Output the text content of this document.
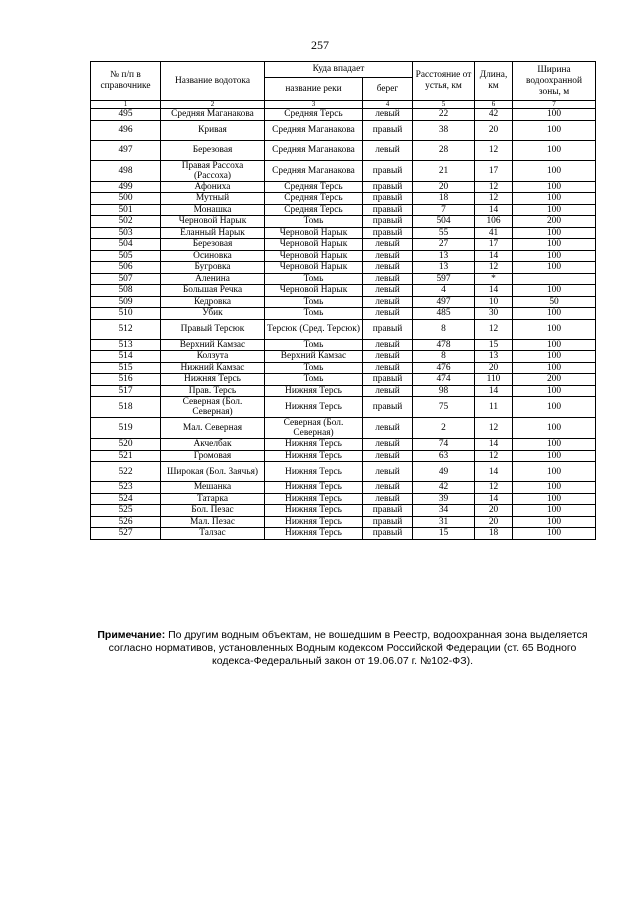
257
№ п/п в справочнике	Название водотока	Куда впадает		Расстояние от устья, км	Длина, км	Ширина водоохранной зоны, м
		название реки	берег			
1	2	3	4	5	6	7
495	Средняя Маганакова	Средняя Терсь	левый	22	42	100
496	Кривая	Средняя Маганакова	правый	38	20	100
497	Березовая	Средняя Маганакова	левый	28	12	100
498	Правая Рассоха (Рассоха)	Средняя Маганакова	правый	21	17	100
499	Афониха	Средняя Терсь	правый	20	12	100
500	Мутный	Средняя Терсь	правый	18	12	100
501	Монашка	Средняя Терсь	правый	7	14	100
502	Черновой Нарык	Томь	правый	504	106	200
503	Еланный Нарык	Черновой Нарык	правый	55	41	100
504	Березовая	Черновой Нарык	левый	27	17	100
505	Осиновка	Черновой Нарык	левый	13	14	100
506	Бугровка	Черновой Нарык	левый	13	12	100
507	Аленина	Томь	левый	597	*	
508	Большая Речка	Черновой Нарык	левый	4	14	100
509	Кедровка	Томь	левый	497	10	50
510	Убик	Томь	левый	485	30	100
512	Правый Терсюк	Терсюк (Сред. Терсюк)	правый	8	12	100
513	Верхний Камзас	Томь	левый	478	15	100
514	Колзута	Верхний Камзас	левый	8	13	100
515	Нижний Камзас	Томь	левый	476	20	100
516	Нижняя Терсь	Томь	правый	474	110	200
517	Прав. Терсь	Нижняя Терсь	левый	98	14	100
518	Северная (Бол. Северная)	Нижняя Терсь	правый	75	11	100
519	Мал. Северная	Северная (Бол. Северная)	левый	2	12	100
520	Акчелбак	Нижняя Терсь	левый	74	14	100
521	Громовая	Нижняя Терсь	левый	63	12	100
522	Широкая (Бол. Заячья)	Нижняя Терсь	левый	49	14	100
523	Мешанка	Нижняя Терсь	левый	42	12	100
524	Татарка	Нижняя Терсь	левый	39	14	100
525	Бол. Пезас	Нижняя Терсь	правый	34	20	100
526	Мал. Пезас	Нижняя Терсь	правый	31	20	100
527	Талзас	Нижняя Терсь	правый	15	18	100
Примечание: По другим водным объектам, не вошедшим в Реестр, водоохранная зона выделяется согласно нормативов, установленных Водным кодексом Российской Федерации (ст. 65 Водного кодекса-Федеральный закон от 19.06.07 г. №102-ФЗ).
